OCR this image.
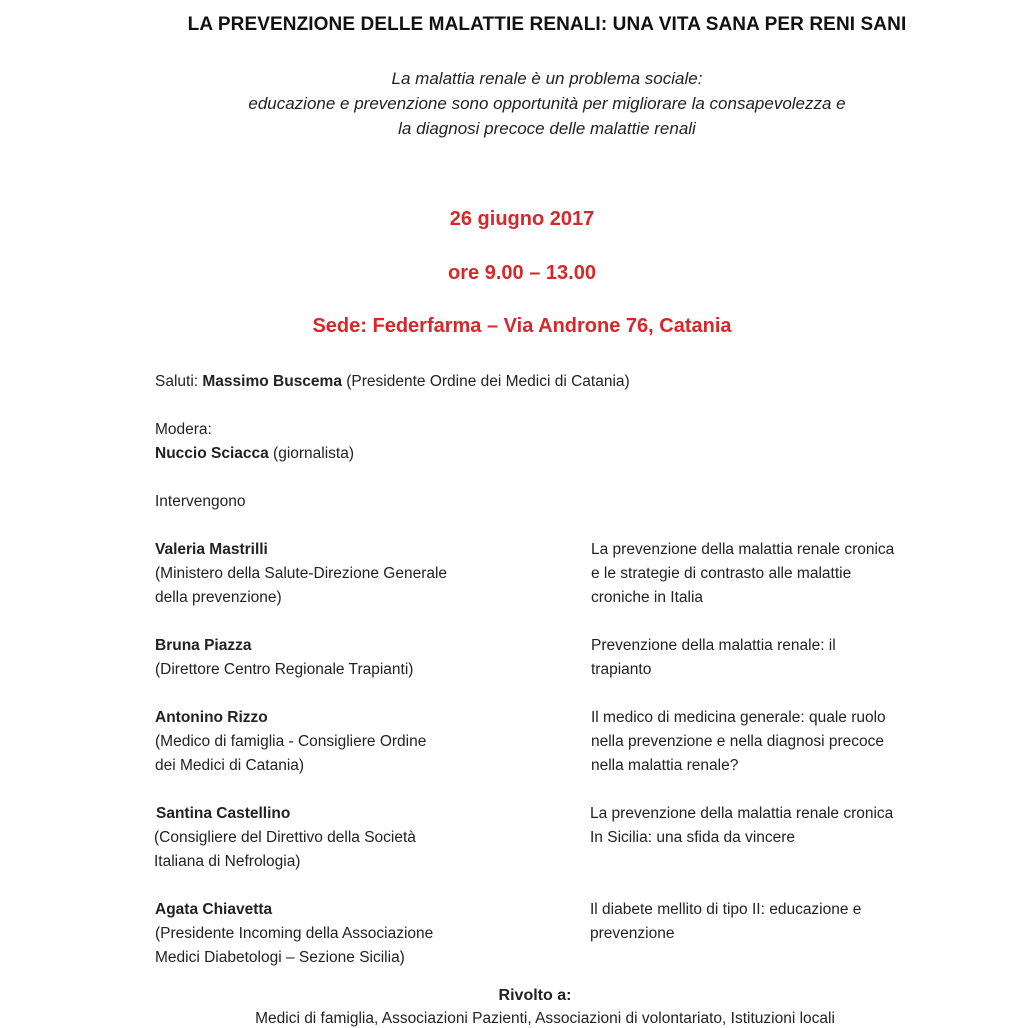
LA PREVENZIONE DELLE MALATTIE RENALI: UNA VITA SANA PER RENI SANI
La malattia renale è un problema sociale:
educazione e prevenzione sono opportunità per migliorare la consapevolezza e
la diagnosi precoce delle malattie renali
26 giugno 2017
ore 9.00 – 13.00
Sede: Federfarma – Via Androne 76, Catania
Saluti: Massimo Buscema (Presidente Ordine dei Medici di Catania)
Modera:
Nuccio Sciacca (giornalista)
Intervengono
Valeria Mastrilli
(Ministero della Salute-Direzione Generale
della prevenzione)
La prevenzione della malattia renale cronica
e le strategie di contrasto alle malattie
croniche in Italia
Bruna Piazza
(Direttore Centro Regionale Trapianti)
Prevenzione della malattia renale: il
trapianto
Antonino Rizzo
(Medico di famiglia - Consigliere Ordine
dei Medici di Catania)
Il medico di medicina generale: quale ruolo
nella prevenzione e nella diagnosi precoce
nella malattia renale?
Santina Castellino
(Consigliere del Direttivo della Società
Italiana di Nefrologia)
La prevenzione della malattia renale cronica
In Sicilia: una sfida da vincere
Agata Chiavetta
(Presidente Incoming della Associazione
Medici Diabetologi – Sezione Sicilia)
Il diabete mellito di tipo II: educazione e
prevenzione
Rivolto a:
Medici di famiglia, Associazioni Pazienti, Associazioni di volontariato, Istituzioni locali
